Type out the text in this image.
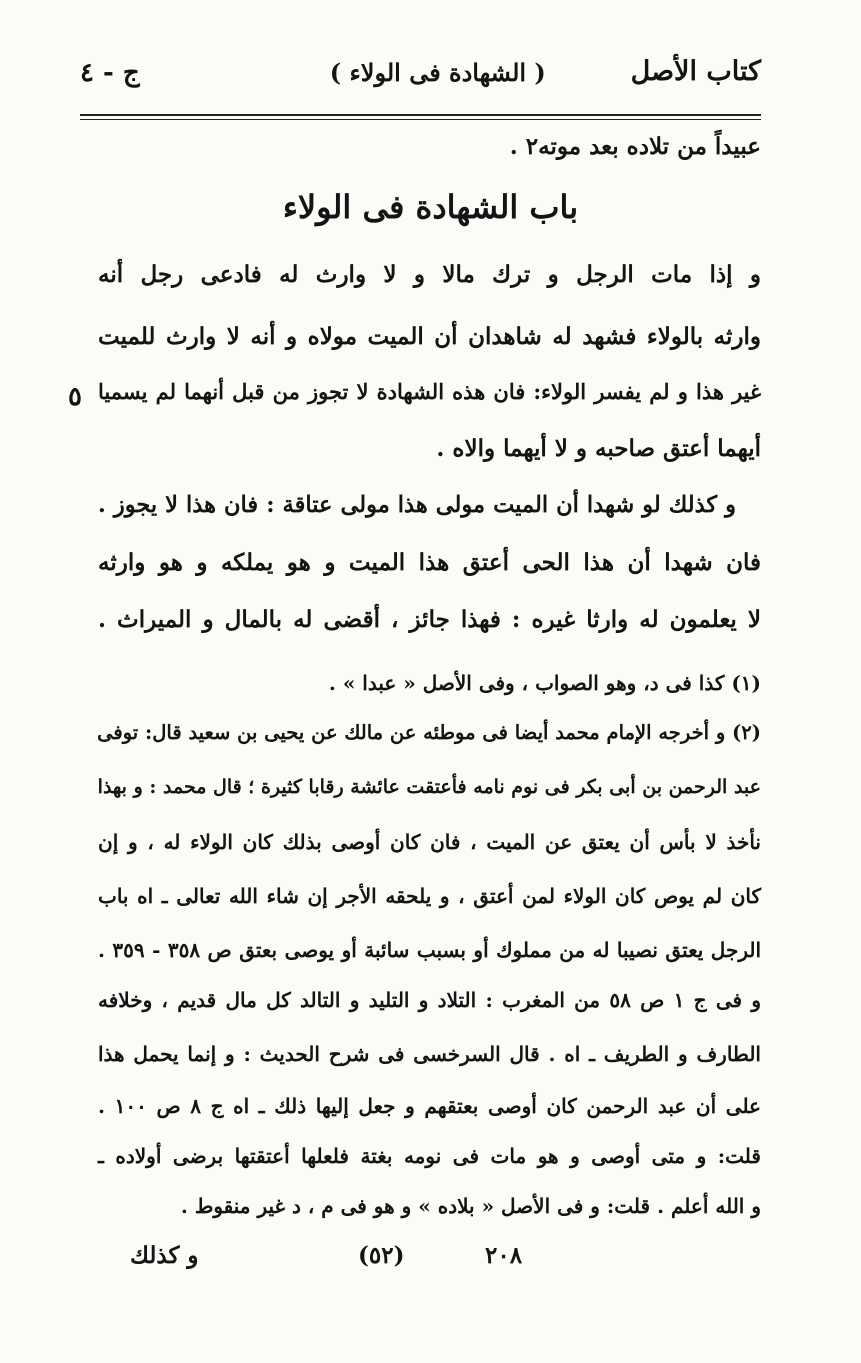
كتاب الأصل
( الشهادة فى الولاء )
ج - ٤
عبيداً من تلاده بعد موته٢ .
باب الشهادة فى الولاء
و إذا مات الرجل و ترك مالا و لا وارث له فادعى رجل أنه
وارثه بالولاء فشهد له شاهدان أن الميت مولاه و أنه لا وارث للميت
غير هذا و لم يفسر الولاء: فان هذه الشهادة لا تجوز من قبل أنهما لم يسميا
٥
أيهما أعتق صاحبه و لا أيهما والاه .
و كذلك لو شهدا أن الميت مولى هذا مولى عتاقة : فان هذا لا يجوز .
فان شهدا أن هذا الحى أعتق هذا الميت و هو يملكه و هو وارثه
لا يعلمون له وارثا غيره : فهذا جائز ، أقضى له بالمال و الميراث .
(١) كذا فى د، وهو الصواب ، وفى الأصل « عبدا » .
(٢) و أخرجه الإمام محمد أيضا فى موطئه عن مالك عن يحيى بن سعيد قال: توفى
عبد الرحمن بن أبى بكر فى نوم نامه فأعتقت عائشة رقابا كثيرة ؛ قال محمد : و بهذا
نأخذ لا بأس أن يعتق عن الميت ، فان كان أوصى بذلك كان الولاء له ، و إن
كان لم يوص كان الولاء لمن أعتق ، و يلحقه الأجر إن شاء الله تعالى ـ اه باب
الرجل يعتق نصيبا له من مملوك أو بسبب سائبة أو يوصى بعتق ص ٣٥٨ - ٣٥٩ .
و فى ج ١ ص ٥٨ من المغرب : التلاد و التليد و التالد كل مال قديم ، وخلافه
الطارف و الطريف ـ اه . قال السرخسى فى شرح الحديث : و إنما يحمل هذا
على أن عبد الرحمن كان أوصى بعتقهم و جعل إليها ذلك ـ اه ج ٨ ص ١٠٠ .
قلت: و متى أوصى و هو مات فى نومه بغتة فلعلها أعتقتها برضى أولاده ـ
و الله أعلم . قلت: و فى الأصل « بلاده » و هو فى م ، د غير منقوط .
٢٠٨
(٥٢)
و كذلك
